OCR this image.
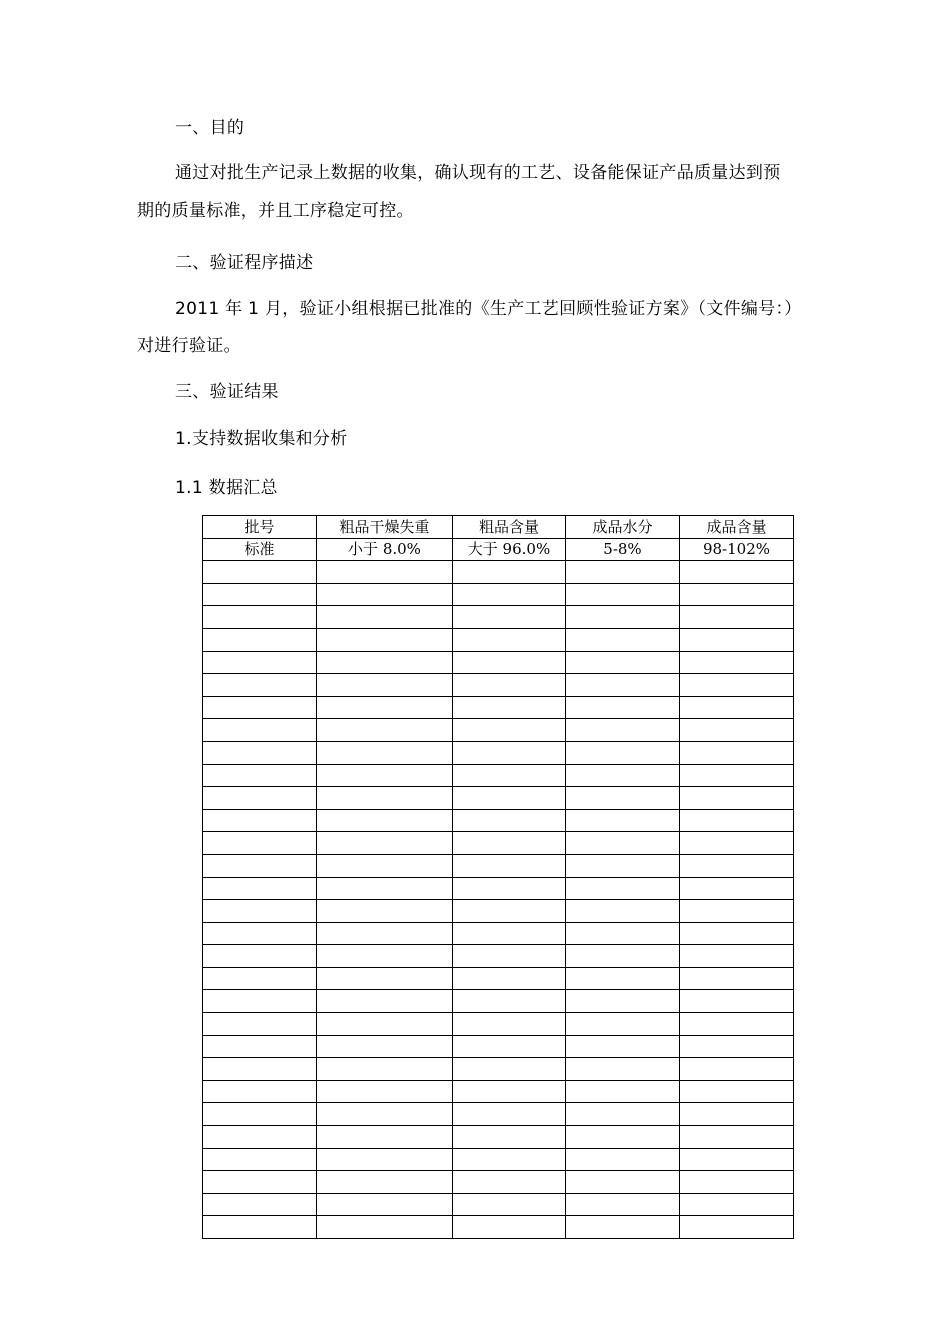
一、目的
通过对批生产记录上数据的收集，确认现有的工艺、设备能保证产品质量达到预
期的质量标准，并且工序稳定可控。
二、验证程序描述
2011 年 1 月，验证小组根据已批准的《生产工艺回顾性验证方案》（文件编号：）
对进行验证。
三、验证结果
1.支持数据收集和分析
1.1 数据汇总
批号	粗品干燥失重	粗品含量	成品水分	成品含量
标准	小于 8.0%	大于 96.0%	5-8%	98-102%
